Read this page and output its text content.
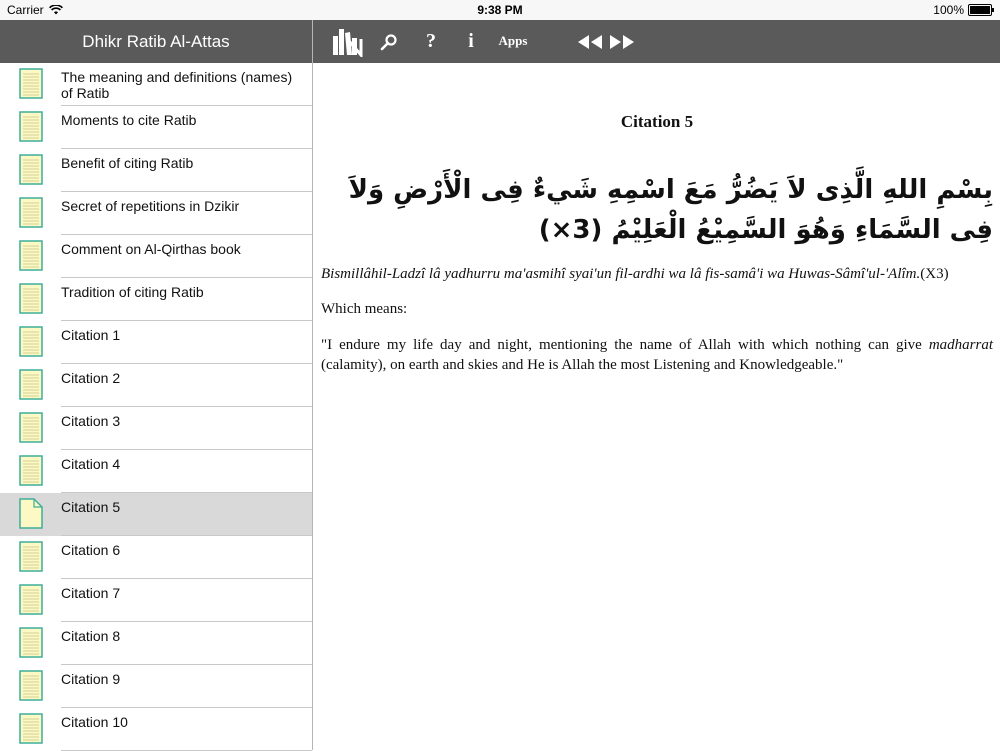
Carrier	9:38 PM	100%
Dhikr Ratib Al-Attas
The meaning and definitions (names) of Ratib
Moments to cite Ratib
Benefit of citing Ratib
Secret of repetitions in Dzikir
Comment on Al-Qirthas book
Tradition of citing Ratib
Citation 1
Citation 2
Citation 3
Citation 4
Citation 5
Citation 6
Citation 7
Citation 8
Citation 9
Citation 10
?	i	Apps
Citation 5
بِسْمِ اللهِ الَّذِى لاَ يَضُرُّ مَعَ اسْمِهِ شَيءٌ فِى الْأَرْضِ وَلاَ فِى السَّمَاءِ وَهُوَ السَّمِيْعُ الْعَلِيْمُ (3×)
Bismillâhil-Ladzî lâ yadhurru ma'asmihî syai'un fil-ardhi wa lâ fis-samâ'i wa Huwas-Sâmî'ul-'Alîm.(X3)
Which means:
"I endure my life day and night, mentioning the name of Allah with which nothing can give madharrat (calamity), on earth and skies and He is Allah the most Listening and Knowledgeable."
